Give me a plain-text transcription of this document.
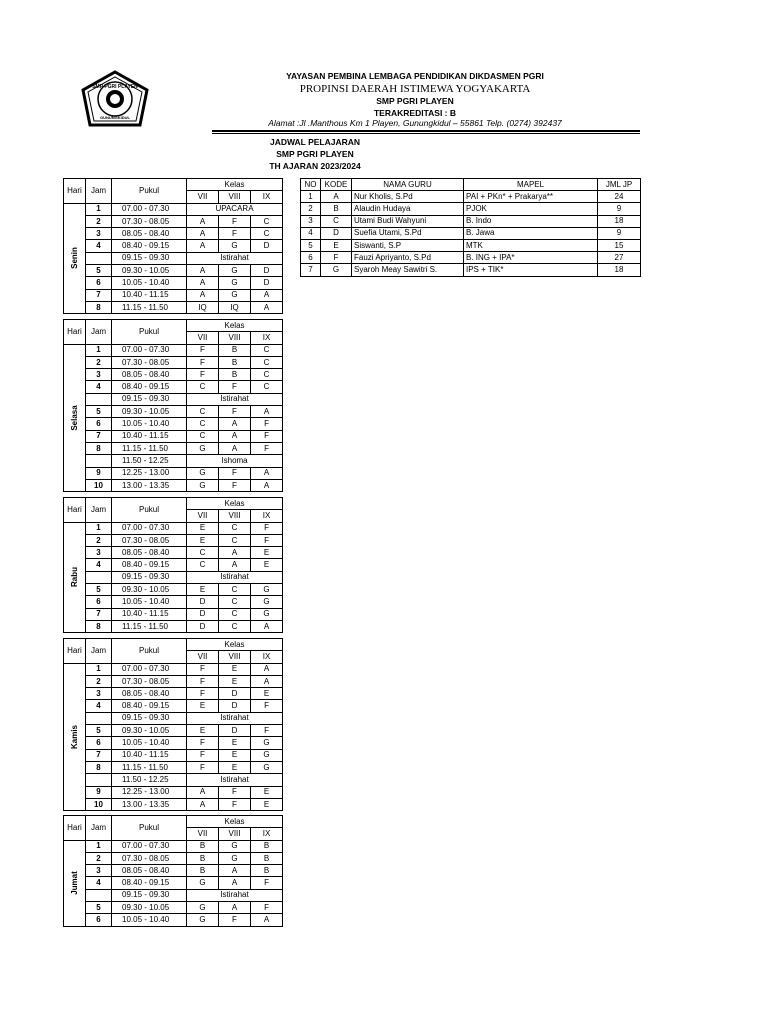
SMP PGRI PLAYEN
GUNUNGKIDUL
YAYASAN PEMBINA LEMBAGA PENDIDIKAN DIKDASMEN PGRI
PROPINSI DAERAH ISTIMEWA YOGYAKARTA
SMP PGRI PLAYEN
TERAKREDITASI : B
Alamat :Jl .Manthous Km 1 Playen, Gunungkidul – 55861 Telp. (0274) 392437
JADWAL PELAJARAN
SMP PGRI PLAYEN
TH AJARAN 2023/2024
Hari	Jam	Pukul	Kelas		
			VII	VIII	IX

Senin	1	07.00 - 07.30	UPACARA		
	2	07.30 - 08.05	A	F	C
	3	08.05 - 08.40	A	F	C
	4	08.40 - 09.15	A	G	D
		09.15 - 09.30	Istirahat		
	5	09.30 - 10.05	A	G	D
	6	10.05 - 10.40	A	G	D
	7	10.40 - 11.15	A	G	A
	8	11.15 - 11.50	IQ	IQ	A
Hari	Jam	Pukul	Kelas		
			VII	VIII	IX

Selasa	1	07.00 - 07.30	F	B	C
	2	07.30 - 08.05	F	B	C
	3	08.05 - 08.40	F	B	C
	4	08.40 - 09.15	C	F	C
		09.15 - 09.30	Istirahat		
	5	09.30 - 10.05	C	F	A
	6	10.05 - 10.40	C	A	F
	7	10.40 - 11.15	C	A	F
	8	11.15 - 11.50	G	A	F
		11.50 - 12.25	Ishoma		
	9	12.25 - 13.00	G	F	A
	10	13.00 - 13.35	G	F	A
Hari	Jam	Pukul	Kelas		
			VII	VIII	IX

Rabu	1	07.00 - 07.30	E	C	F
	2	07.30 - 08.05	E	C	F
	3	08.05 - 08.40	C	A	E
	4	08.40 - 09.15	C	A	E
		09.15 - 09.30	Istirahat		
	5	09.30 - 10.05	E	C	G
	6	10.05 - 10.40	D	C	G
	7	10.40 - 11.15	D	C	G
	8	11.15 - 11.50	D	C	A
Hari	Jam	Pukul	Kelas		
			VII	VIII	IX

Kamis	1	07.00 - 07.30	F	E	A
	2	07.30 - 08.05	F	E	A
	3	08.05 - 08.40	F	D	E
	4	08.40 - 09.15	E	D	F
		09.15 - 09.30	Istirahat		
	5	09.30 - 10.05	E	D	F
	6	10.05 - 10.40	F	E	G
	7	10.40 - 11.15	F	E	G
	8	11.15 - 11.50	F	E	G
		11.50 - 12.25	Istirahat		
	9	12.25 - 13.00	A	F	E
	10	13.00 - 13.35	A	F	E
Hari	Jam	Pukul	Kelas		
			VII	VIII	IX

Jumat	1	07.00 - 07.30	B	G	B
	2	07.30 - 08.05	B	G	B
	3	08.05 - 08.40	B	A	B
	4	08.40 - 09.15	G	A	F
		09.15 - 09.30	Istirahat		
	5	09.30 - 10.05	G	A	F
	6	10.05 - 10.40	G	F	A
NO	KODE	NAMA GURU	MAPEL	JML JP
1	A	Nur Kholis, S.Pd	PAI + PKn* + Prakarya**	24
2	B	Alaudin Hudaya	PJOK	9
3	C	Utami Budi Wahyuni	B. Indo	18
4	D	Suefia Utami, S.Pd	B. Jawa	9
5	E	Siswanti, S.P	MTK	15
6	F	Fauzi Apriyanto, S.Pd	B. ING + IPA*	27
7	G	Syaroh Meay Sawitri S.	IPS + TIK*	18
